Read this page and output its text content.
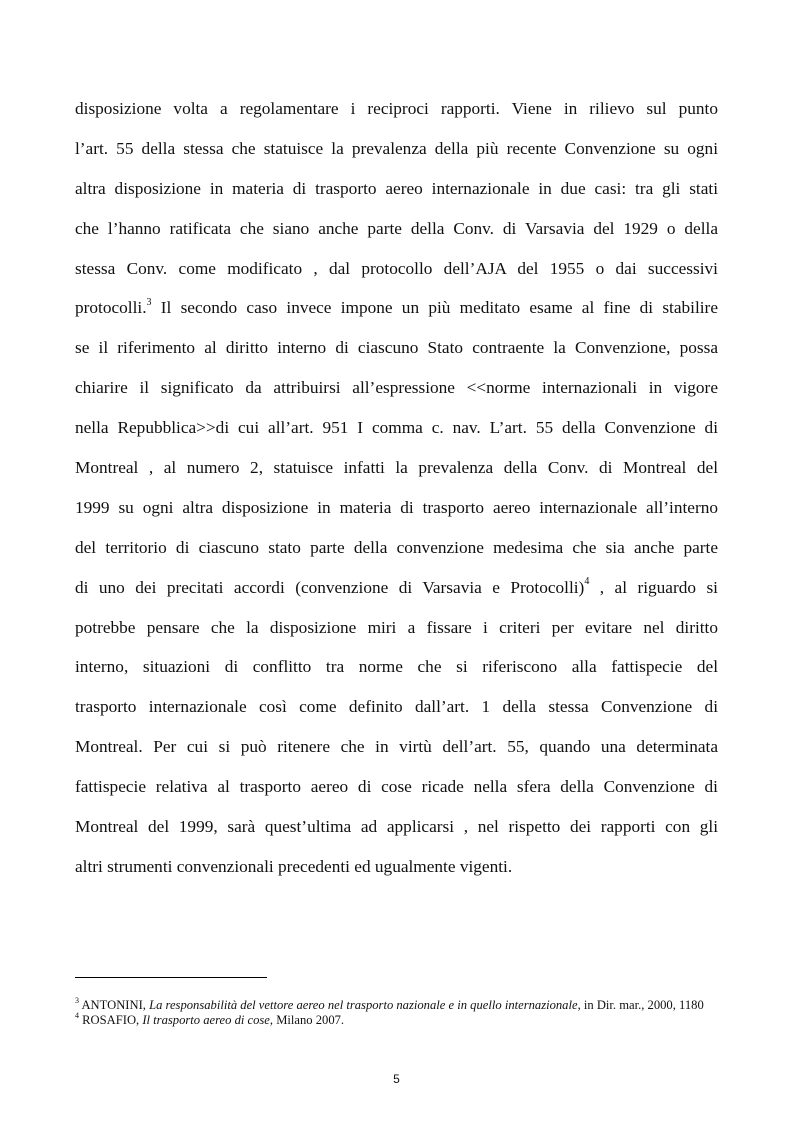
disposizione volta a regolamentare i reciproci rapporti. Viene in rilievo sul punto
l’art. 55 della stessa che statuisce la prevalenza della più recente Convenzione su ogni
altra disposizione in materia di trasporto aereo internazionale in due casi: tra gli stati
che l’hanno ratificata che siano anche parte della Conv. di Varsavia del 1929 o della
stessa Conv. come modificato , dal protocollo dell’AJA del 1955 o dai successivi
protocolli.$^3$ Il secondo caso invece impone un più meditato esame al fine di stabilire
se il riferimento al diritto interno di ciascuno Stato contraente la Convenzione, possa
chiarire il significato da attribuirsi all’espressione <<norme internazionali in vigore
nella Repubblica>>di cui all’art. 951 I comma c. nav. L’art. 55 della Convenzione di
Montreal , al numero 2, statuisce infatti la prevalenza della Conv. di Montreal del
1999 su ogni altra disposizione in materia di trasporto aereo internazionale all’interno
del territorio di ciascuno stato parte della convenzione medesima che sia anche parte
di uno dei precitati accordi (convenzione di Varsavia e Protocolli)$^4$ , al riguardo si
potrebbe pensare che la disposizione miri a fissare i criteri per evitare nel diritto
interno, situazioni di conflitto tra norme che si riferiscono alla fattispecie del
trasporto internazionale così come definito dall’art. 1 della stessa Convenzione di
Montreal. Per cui si può ritenere che in virtù dell’art. 55, quando una determinata
fattispecie relativa al trasporto aereo di cose ricade nella sfera della Convenzione di
Montreal del 1999, sarà quest’ultima ad applicarsi , nel rispetto dei rapporti con gli
altri strumenti convenzionali precedenti ed ugualmente vigenti.

$^3$ ANTONINI, La responsabilità del vettore aereo nel trasporto nazionale e in quello internazionale, in Dir. mar., 2000, 1180

$^4$ ROSAFIO, Il trasporto aereo di cose, Milano 2007.

5
